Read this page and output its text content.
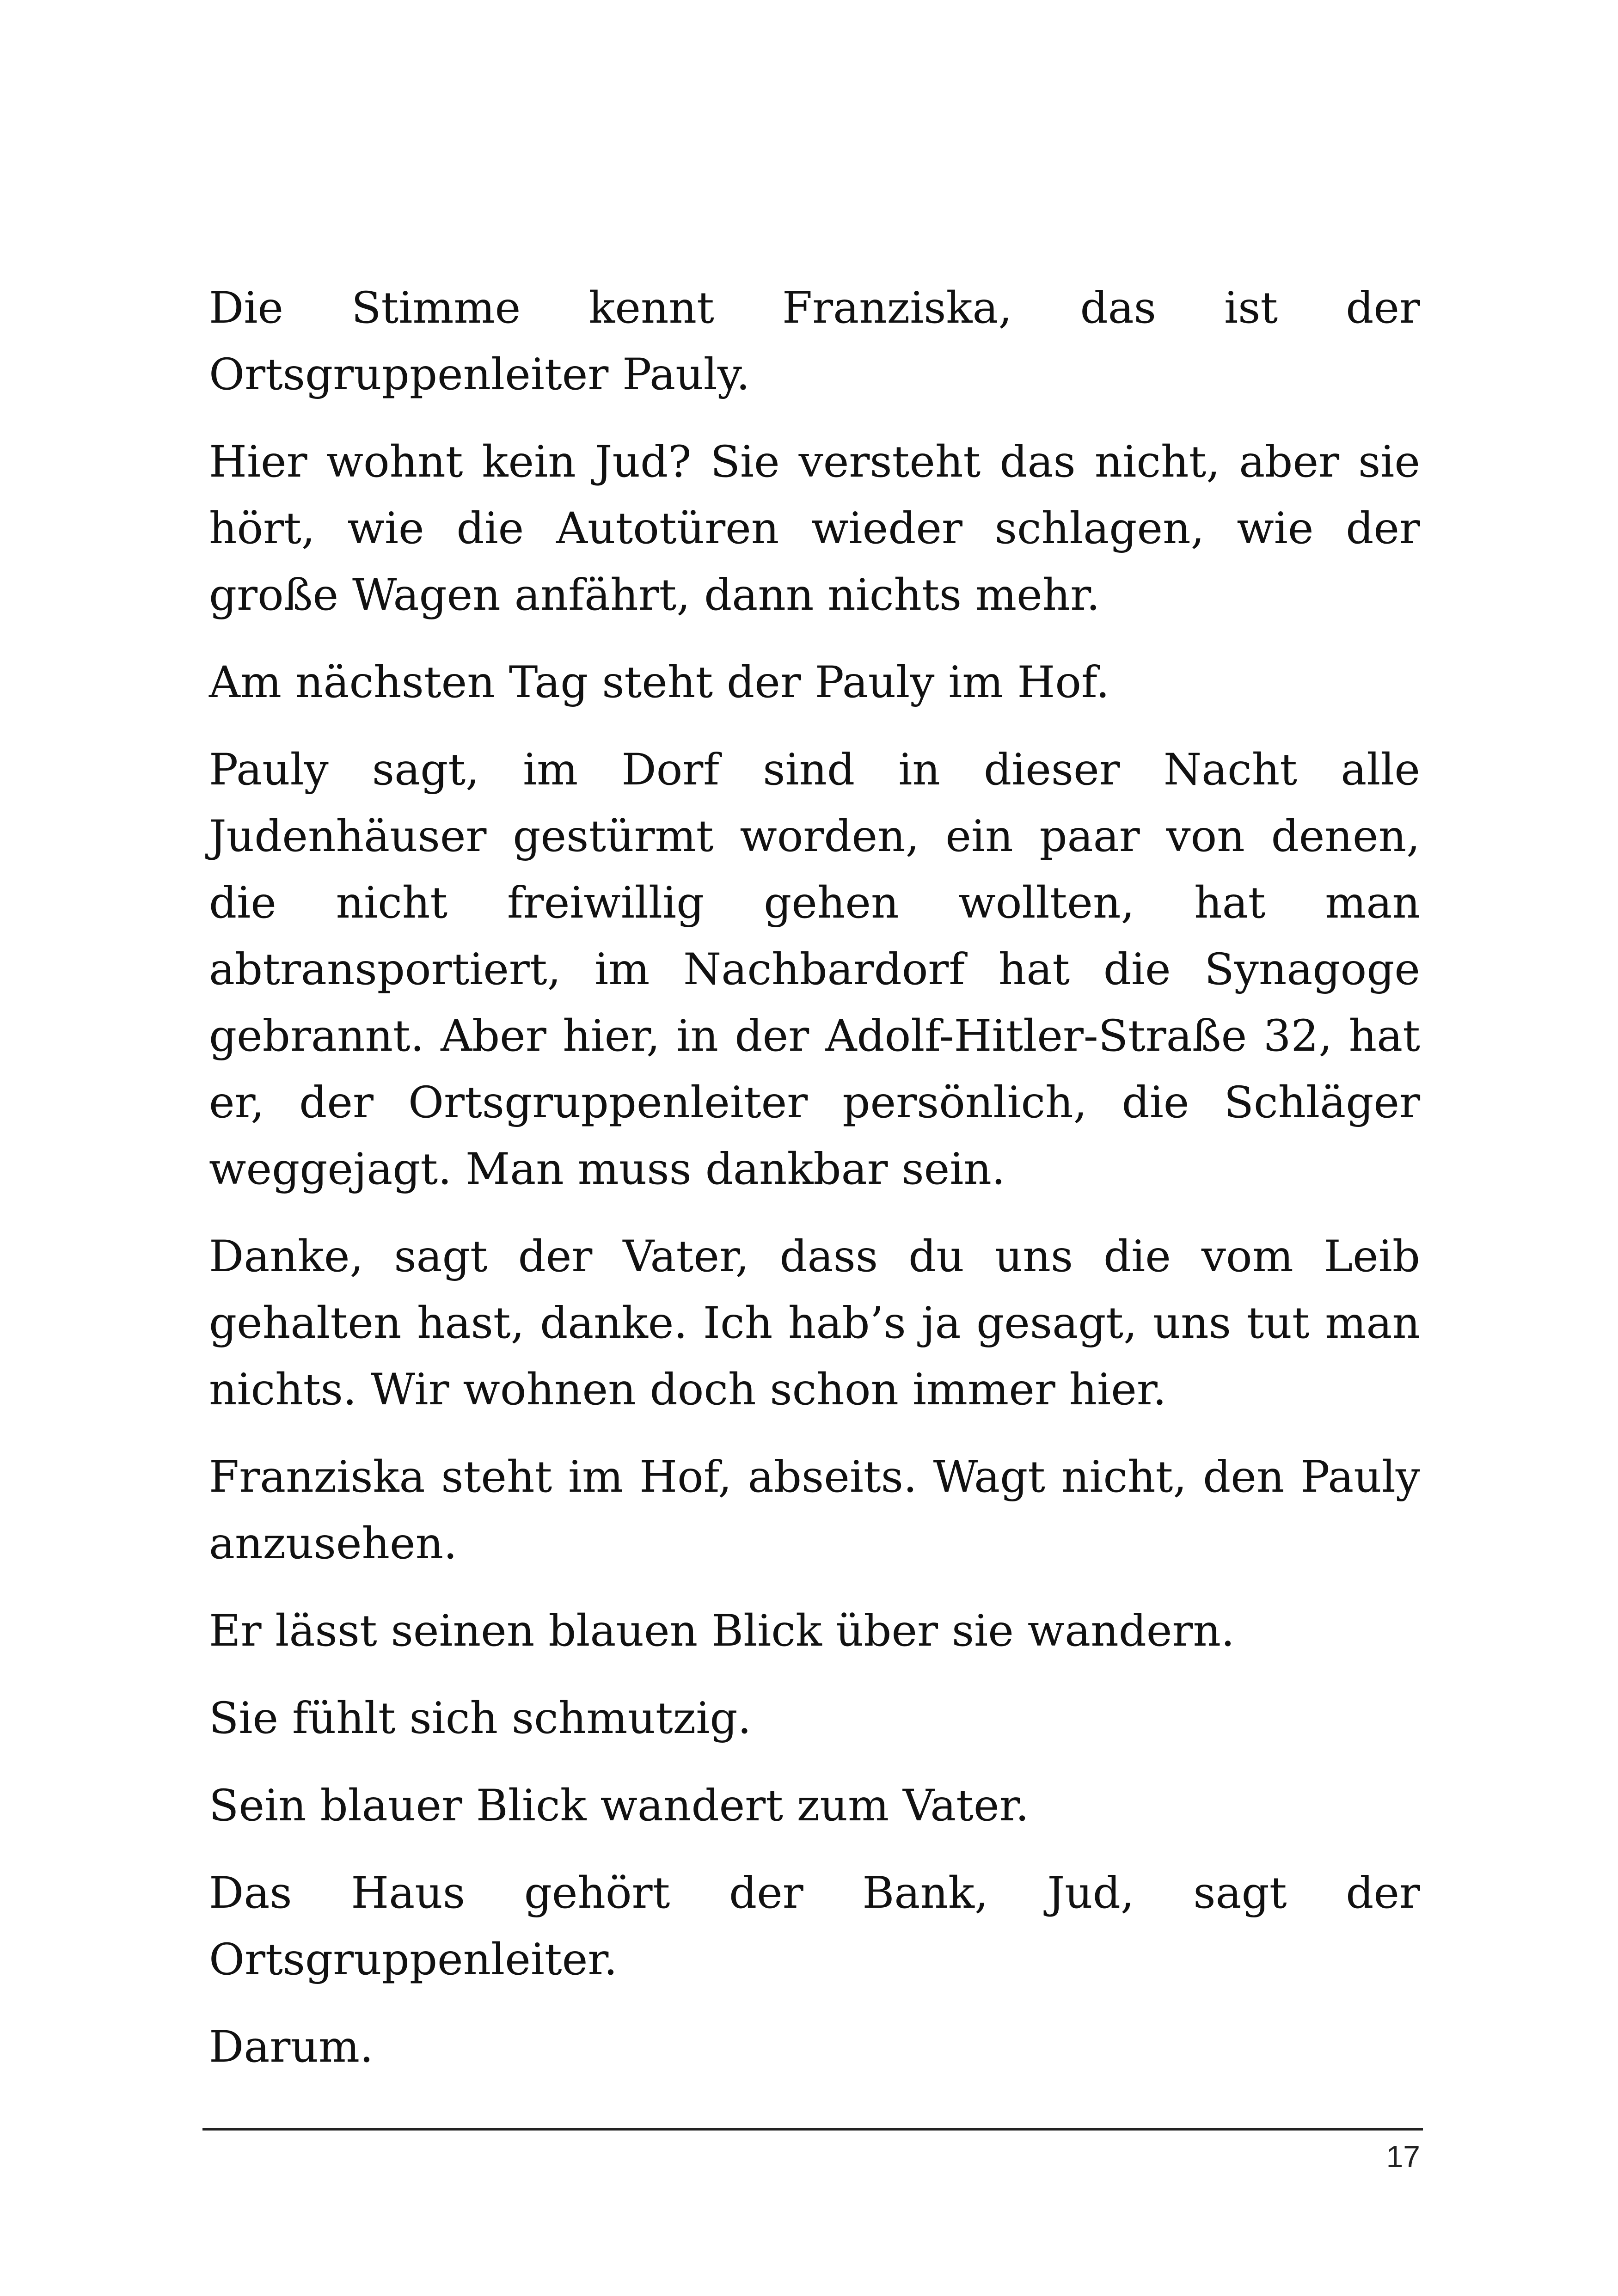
Die Stimme kennt Franziska, das ist der Ortsgruppenleiter Pauly.

Hier wohnt kein Jud? Sie versteht das nicht, aber sie hört, wie die Autotüren wieder schlagen, wie der große Wagen anfährt, dann nichts mehr.

Am nächsten Tag steht der Pauly im Hof.

Pauly sagt, im Dorf sind in dieser Nacht alle Judenhäuser gestürmt worden, ein paar von denen, die nicht freiwillig gehen wollten, hat man abtransportiert, im Nachbardorf hat die Synagoge gebrannt. Aber hier, in der Adolf-Hitler-Straße 32, hat er, der Ortsgruppenleiter persönlich, die Schläger weggejagt. Man muss dankbar sein.

Danke, sagt der Vater, dass du uns die vom Leib gehalten hast, danke. Ich hab’s ja gesagt, uns tut man nichts. Wir wohnen doch schon immer hier.

Franziska steht im Hof, abseits. Wagt nicht, den Pauly anzusehen.

Er lässt seinen blauen Blick über sie wandern.

Sie fühlt sich schmutzig.

Sein blauer Blick wandert zum Vater.

Das Haus gehört der Bank, Jud, sagt der Ortsgruppenleiter.

Darum.

17
